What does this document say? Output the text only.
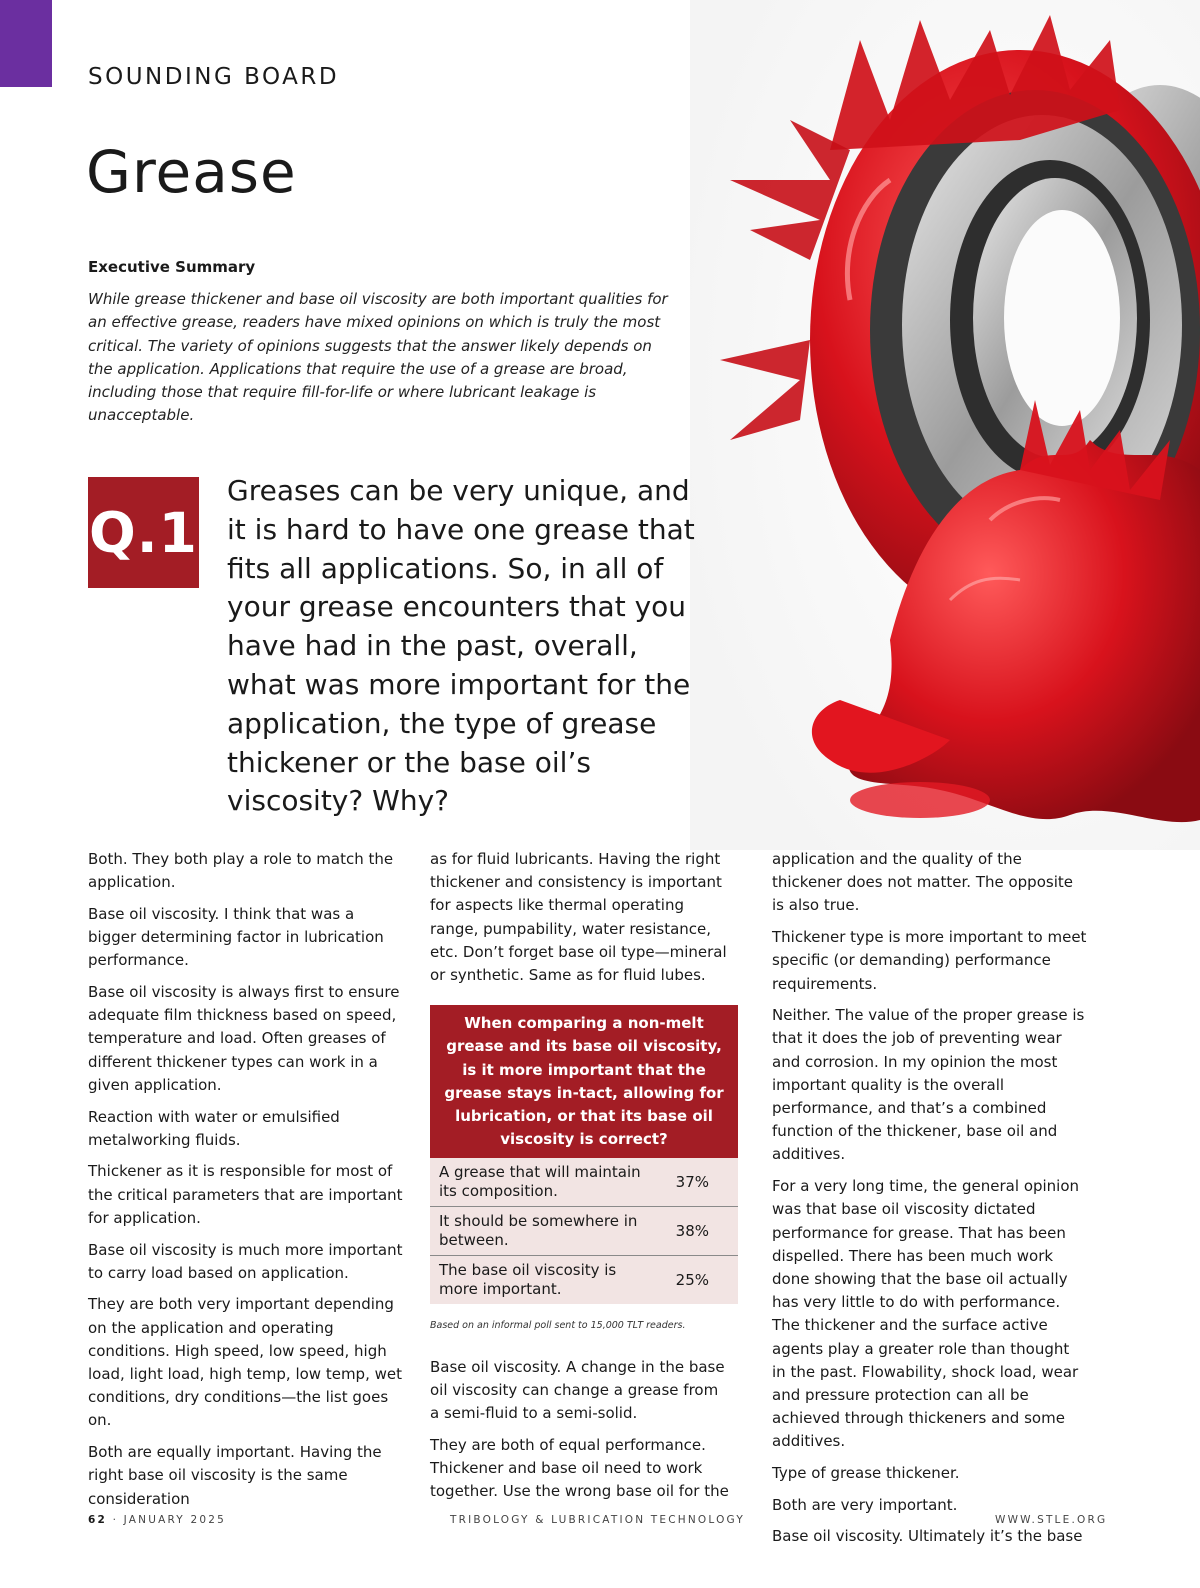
SOUNDING BOARD
Grease
Executive Summary
While grease thickener and base oil viscosity are both important qualities for an effective grease, readers have mixed opinions on which is truly the most critical. The variety of opinions suggests that the answer likely depends on the application. Applications that require the use of a grease are broad, including those that require fill-for-life or where lubricant leakage is unacceptable.
Q.1
Greases can be very unique, and it is hard to have one grease that fits all applications. So, in all of your grease encounters that you have had in the past, overall, what was more important for the application, the type of grease thickener or the base oil’s viscosity? Why?

Both. They both play a role to match the application.

Base oil viscosity. I think that was a bigger determining factor in lubrication performance.

Base oil viscosity is always first to ensure adequate film thickness based on speed, temperature and load. Often greases of different thickener types can work in a given application.

Reaction with water or emulsified metalworking fluids.

Thickener as it is responsible for most of the critical parameters that are important for application.

Base oil viscosity is much more important to carry load based on application.

They are both very important depending on the application and operating conditions. High speed, low speed, high load, light load, high temp, low temp, wet conditions, dry conditions—the list goes on.

Both are equally important. Having the right base oil viscosity is the same consideration

as for fluid lubricants. Having the right thickener and consistency is important for aspects like thermal operating range, pumpability, water resistance, etc. Don’t forget base oil type—mineral or synthetic. Same as for fluid lubes.

When comparing a non-melt grease and its base oil viscosity, is it more important that the grease stays in-tact, allowing for lubrication, or that its base oil viscosity is correct?
A grease that will maintain its composition.
37%
It should be somewhere in between.
38%
The base oil viscosity is more important.
25%
Based on an informal poll sent to 15,000 TLT readers.

Base oil viscosity. A change in the base oil viscosity can change a grease from a semi-fluid to a semi-solid.

They are both of equal performance. Thickener and base oil need to work together. Use the wrong base oil for the

application and the quality of the thickener does not matter. The opposite is also true.

Thickener type is more important to meet specific (or demanding) performance requirements.

Neither. The value of the proper grease is that it does the job of preventing wear and corrosion. In my opinion the most important quality is the overall performance, and that’s a combined function of the thickener, base oil and additives.

For a very long time, the general opinion was that base oil viscosity dictated performance for grease. That has been dispelled. There has been much work done showing that the base oil actually has very little to do with performance. The thickener and the surface active agents play a greater role than thought in the past. Flowability, shock load, wear and pressure protection can all be achieved through thickeners and some additives.

Type of grease thickener.

Both are very important.

Base oil viscosity. Ultimately it’s the base

62 · JANUARY 2025	TRIBOLOGY & LUBRICATION TECHNOLOGY	WWW.STLE.ORG
